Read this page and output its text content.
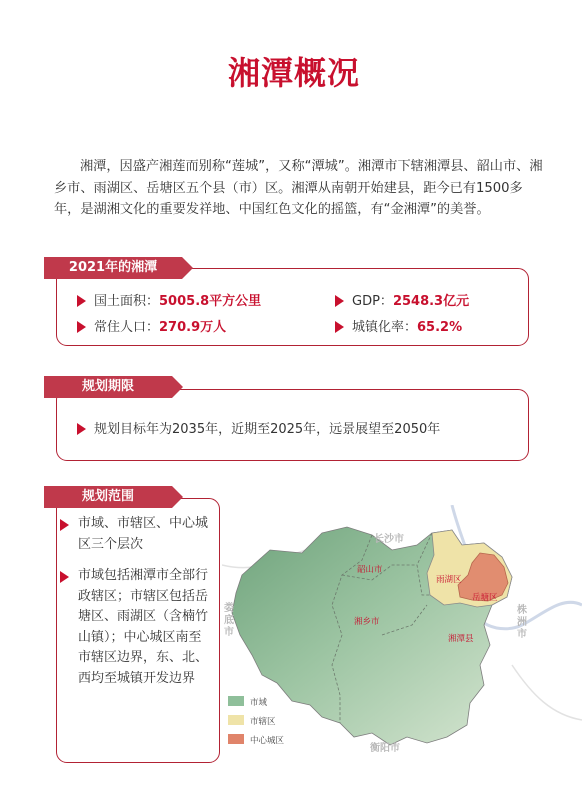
湘潭概况
湘潭，因盛产湘莲而别称“莲城”，又称“潭城”。湘潭市下辖湘潭县、韶山市、湘乡市、雨湖区、岳塘区五个县（市）区。湘潭从南朝开始建县，距今已有1500多年，是湖湘文化的重要发祥地、中国红色文化的摇篮，有“金湘潭”的美誉。
2021年的湘潭
国土面积：5005.8平方公里	GDP：2548.3亿元
常住人口：270.9万人	城镇化率：65.2%
规划期限
规划目标年为2035年，近期至2025年，远景展望至2050年
规划范围
市域、市辖区、中心城区三个层次
市域包括湘潭市全部行政辖区；市辖区包括岳塘区、雨湖区（含楠竹山镇）；中心城区南至市辖区边界，东、北、西均至城镇开发边界
长沙市
株洲市
衡阳市
娄底市
韶山市
湘乡市
湘潭县
雨湖区
岳塘区
市域
市辖区
中心城区
